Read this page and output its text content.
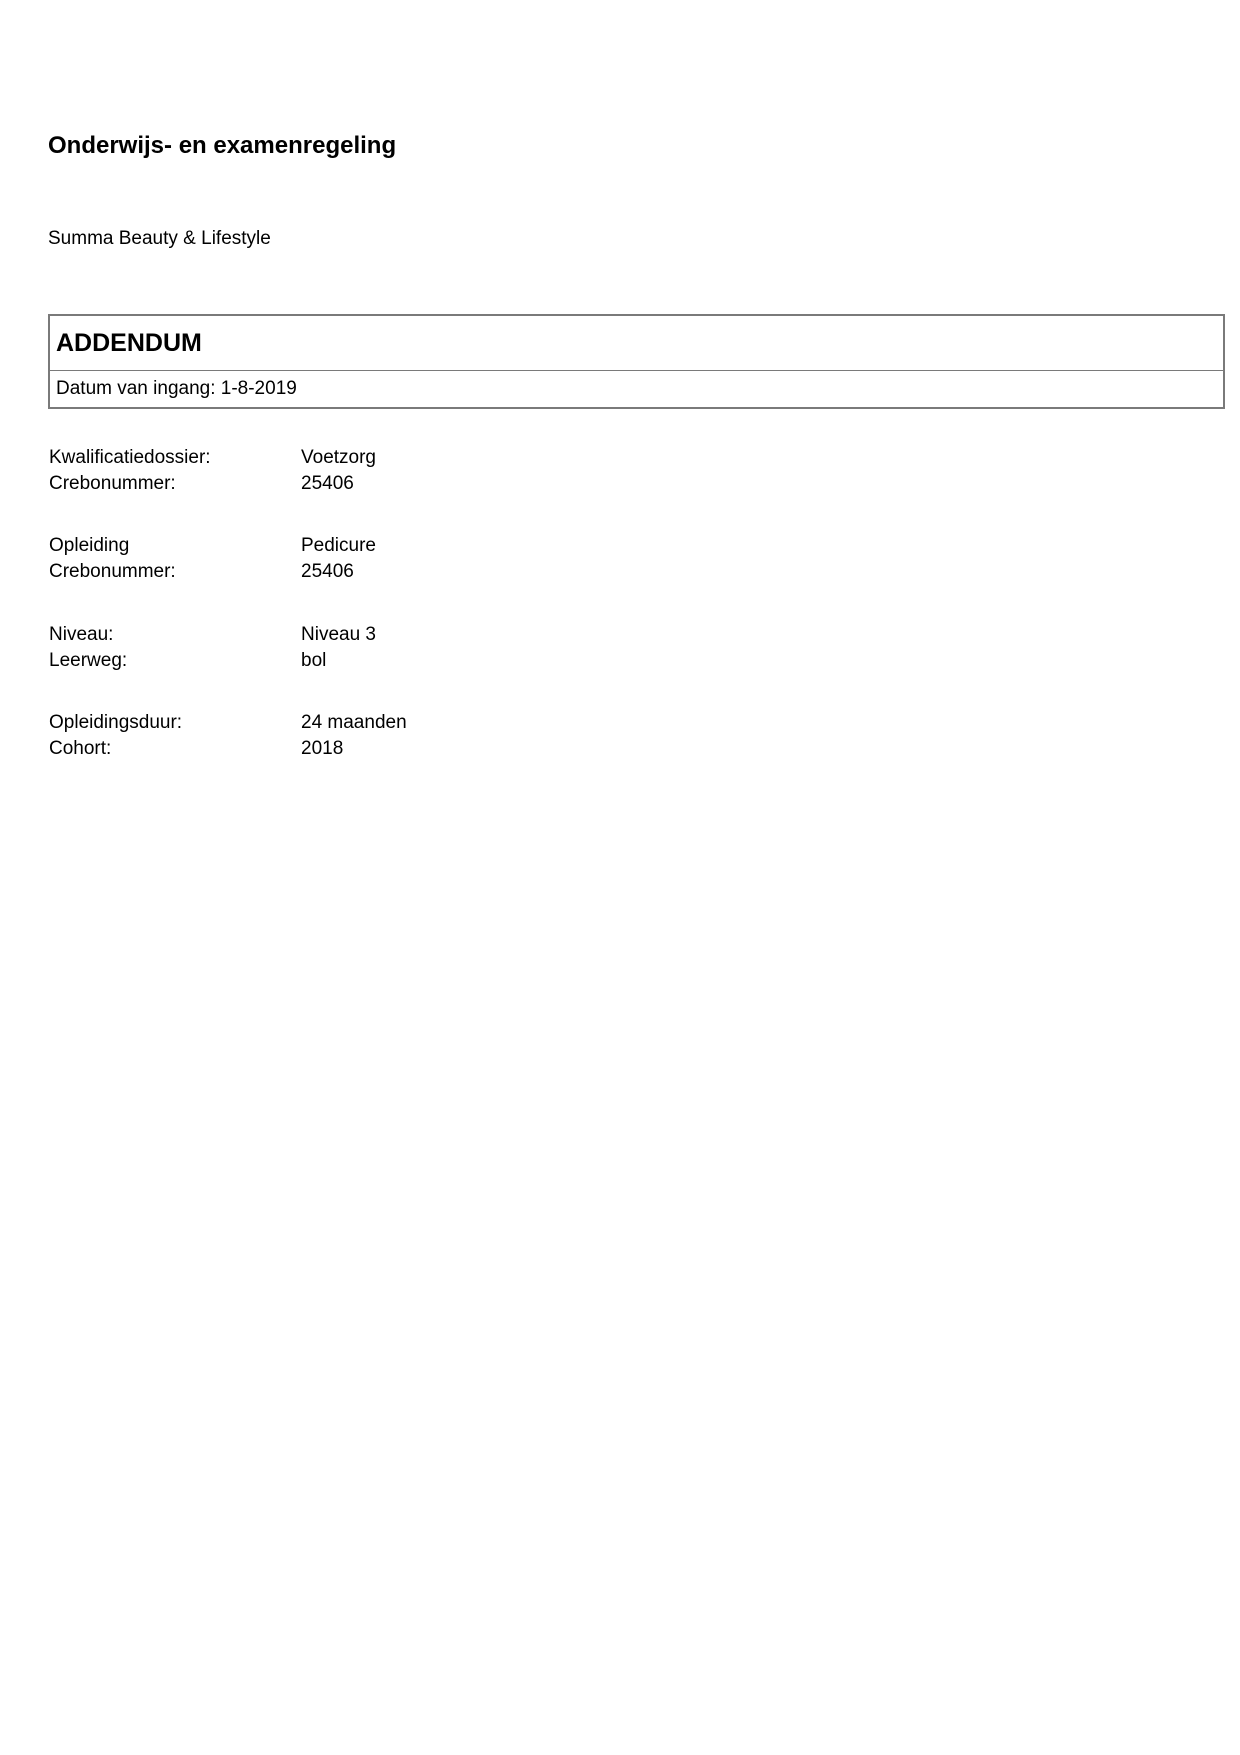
Onderwijs- en examenregeling
Summa Beauty & Lifestyle
ADDENDUM
Datum van ingang: 1-8-2019
Kwalificatiedossier:	Voetzorg
Crebonummer:	25406
Opleiding	Pedicure
Crebonummer:	25406
Niveau:	Niveau 3
Leerweg:	bol
Opleidingsduur:	24 maanden
Cohort:	2018
